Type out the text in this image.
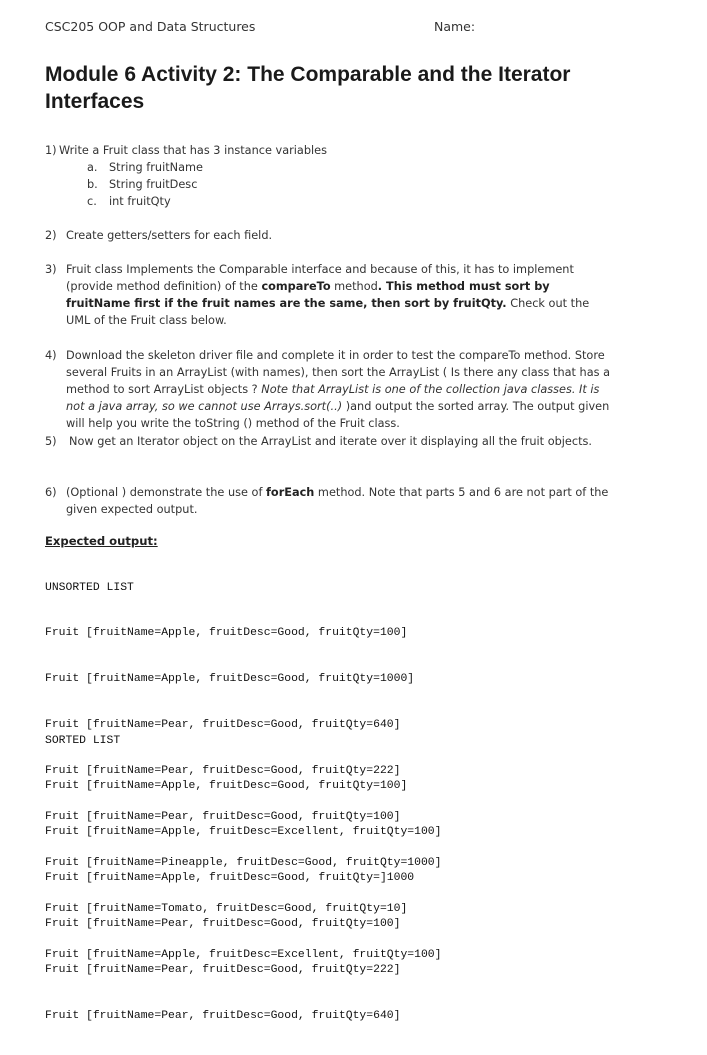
CSC205 OOP and Data Structures	Name:
Module 6 Activity 2: The Comparable and the Iterator Interfaces
1) Write a Fruit class that has 3 instance variables
a. String fruitName
b. String fruitDesc
c. int fruitQty
2) Create getters/setters for each field.
3) Fruit class Implements the Comparable interface and because of this, it has to implement (provide method definition) of the compareTo method. This method must sort by fruitName first if the fruit names are the same, then sort by fruitQty. Check out the UML of the Fruit class below.
4) Download the skeleton driver file and complete it in order to test the compareTo method. Store several Fruits in an ArrayList (with names), then sort the ArrayList ( Is there any class that has a method to sort ArrayList objects ? Note that ArrayList is one of the collection java classes. It is not a java array, so we cannot use Arrays.sort(..) )and output the sorted array. The output given will help you write the toString () method of the Fruit class.
5) Now get an Iterator object on the ArrayList and iterate over it displaying all the fruit objects.
6) (Optional ) demonstrate the use of forEach method. Note that parts 5 and 6 are not part of the given expected output.
Expected output:

UNSORTED LIST

Fruit [fruitName=Apple, fruitDesc=Good, fruitQty=100]

Fruit [fruitName=Apple, fruitDesc=Good, fruitQty=1000]

Fruit [fruitName=Pear, fruitDesc=Good, fruitQty=640]

Fruit [fruitName=Pear, fruitDesc=Good, fruitQty=222]

Fruit [fruitName=Pear, fruitDesc=Good, fruitQty=100]

Fruit [fruitName=Pineapple, fruitDesc=Good, fruitQty=1000]

Fruit [fruitName=Tomato, fruitDesc=Good, fruitQty=10]

Fruit [fruitName=Apple, fruitDesc=Excellent, fruitQty=100]

SORTED LIST

Fruit [fruitName=Apple, fruitDesc=Good, fruitQty=100]

Fruit [fruitName=Apple, fruitDesc=Excellent, fruitQty=100]

Fruit [fruitName=Apple, fruitDesc=Good, fruitQty=]1000

Fruit [fruitName=Pear, fruitDesc=Good, fruitQty=100]

Fruit [fruitName=Pear, fruitDesc=Good, fruitQty=222]

Fruit [fruitName=Pear, fruitDesc=Good, fruitQty=640]
